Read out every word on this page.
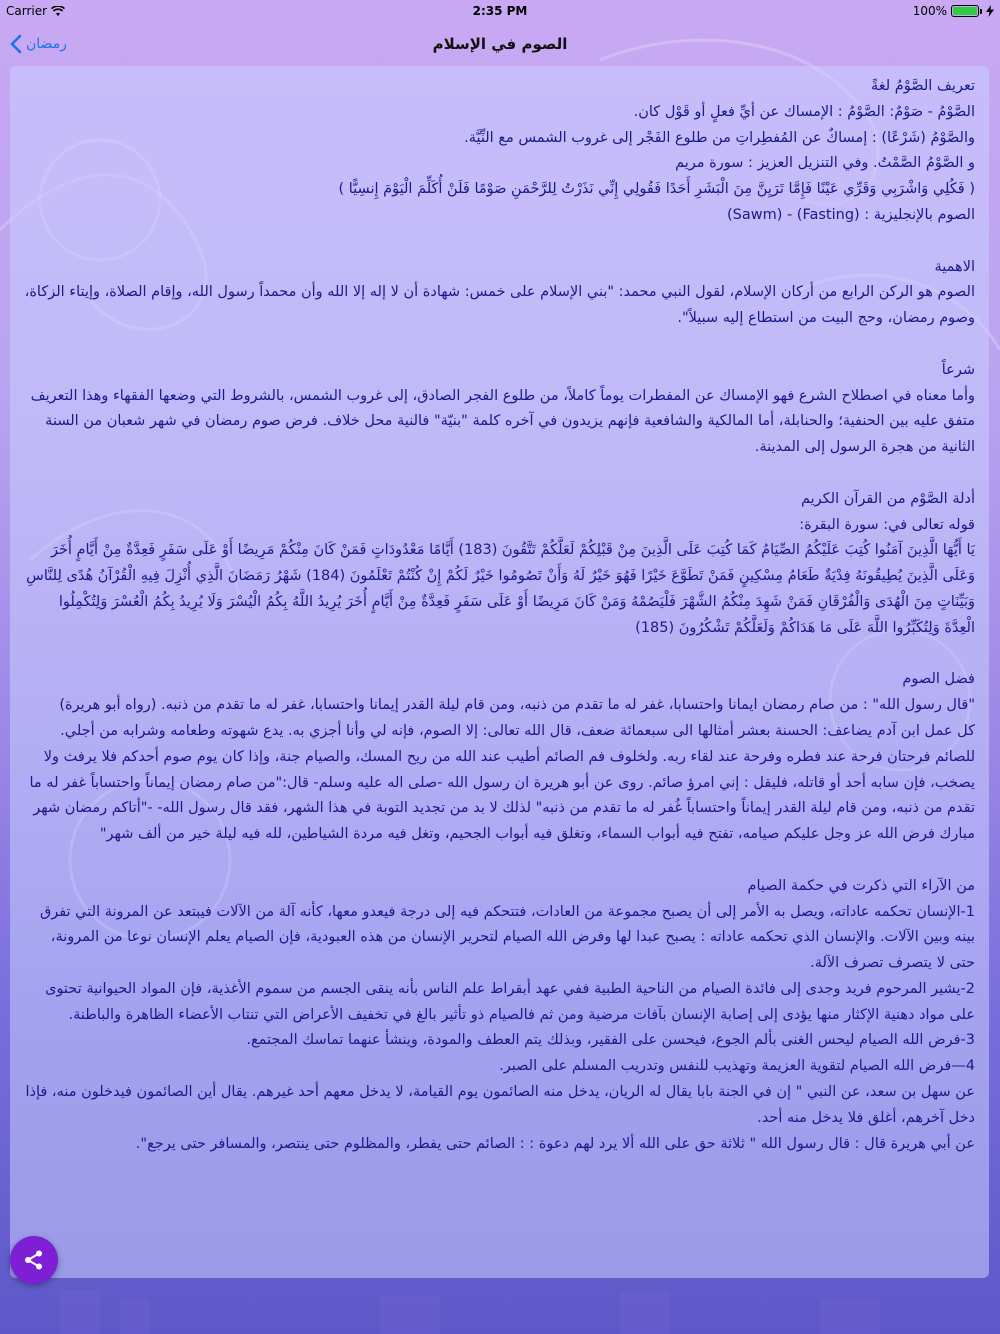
Carrier	2:35 PM	100%
رمضان	الصوم في الإسلام

تعريف الصَّوْمُ لغةً

الصَّوْمُ - صَوْمٌ: الصَّوْمُ : الإمساك عن أيِّ فعلٍ أو قَوْل كان.

والصَّوْمُ (شَرْعًا) : إمساكٌ عن المُفطِراتِ من طلوع الفَجْر إلى غروب الشمس مع النِّيَّة.

و الصَّوْمُ الصَّمْتُ. وفي التنزيل العزيز : سورة مريم

( فَكُلِي وَاشْرَبِي وَقَرِّي عَيْنًا فَإِمَّا تَرَيِنَّ مِنَ الْبَشَرِ أَحَدًا فَقُولِي إِنِّي نَذَرْتُ لِلرَّحْمَنِ صَوْمًا فَلَنْ أُكَلِّمَ الْيَوْمَ إِنسِيًّا )

الصوم بالإنجليزية : (Fasting) - (Sawm)

الاهمية

الصوم هو الركن الرابع من أركان الإسلام، لقول النبي محمد: "بني الإسلام على خمس: شهادة أن لا إله إلا الله وأن محمداً رسول الله، وإقام الصلاة، وإيتاء الزكاة، وصوم رمضان، وحج البيت من استطاع إليه سبيلاً".

شرعاً

وأما معناه في اصطلاح الشرع فهو الإمساك عن المفطرات يوماً كاملاً، من طلوع الفجر الصادق، إلى غروب الشمس، بالشروط التي وضعها الفقهاء وهذا التعريف متفق عليه بين الحنفية؛ والحنابلة، أما المالكية والشافعية فإنهم يزيدون في آخره كلمة "بنيّة" فالنية محل خلاف. فرض صوم رمضان في شهر شعبان من السنة الثانية من هجرة الرسول إلى المدينة.

أدلة الصَّوْم من القرآن الكريم

قوله تعالى في: سورة البقرة:

يَا أَيُّهَا الَّذِينَ آمَنُوا كُتِبَ عَلَيْكُمُ الصِّيَامُ كَمَا كُتِبَ عَلَى الَّذِينَ مِنْ قَبْلِكُمْ لَعَلَّكُمْ تَتَّقُونَ (183) أَيَّامًا مَعْدُودَاتٍ فَمَنْ كَانَ مِنْكُمْ مَرِيضًا أَوْ عَلَى سَفَرٍ فَعِدَّةٌ مِنْ أَيَّامٍ أُخَرَ وَعَلَى الَّذِينَ يُطِيقُونَهُ فِدْيَةٌ طَعَامُ مِسْكِينٍ فَمَنْ تَطَوَّعَ خَيْرًا فَهُوَ خَيْرٌ لَهُ وَأَنْ تَصُومُوا خَيْرٌ لَكُمْ إِنْ كُنْتُمْ تَعْلَمُونَ (184) شَهْرُ رَمَضَانَ الَّذِي أُنْزِلَ فِيهِ الْقُرْآنُ هُدًى لِلنَّاسِ وَبَيِّنَاتٍ مِنَ الْهُدَى وَالْفُرْقَانِ فَمَنْ شَهِدَ مِنْكُمُ الشَّهْرَ فَلْيَصُمْهُ وَمَنْ كَانَ مَرِيضًا أَوْ عَلَى سَفَرٍ فَعِدَّةٌ مِنْ أَيَّامٍ أُخَرَ يُرِيدُ اللَّهُ بِكُمُ الْيُسْرَ وَلَا يُرِيدُ بِكُمُ الْعُسْرَ وَلِتُكْمِلُوا الْعِدَّةَ وَلِتُكَبِّرُوا اللَّهَ عَلَى مَا هَدَاكُمْ وَلَعَلَّكُمْ تَشْكُرُونَ (185)

فضل الصوم

"قال رسول الله" : من صام رمضان ايمانا واحتسابا، غفر له ما تقدم من ذنبه، ومن قام ليلة القدر إيمانا واحتسابا، غفر له ما تقدم من ذنبه. (رواه أبو هريرة)

كل عمل ابن آدم يضاعف: الحسنة بعشر أمثالها الى سبعمائة ضعف، قال الله تعالى: إلا الصوم، فإنه لي وأنا أجزي به. يدع شهوته وطعامه وشرابه من أجلي. للصائم فرحتان فرحة عند فطره وفرحة عند لقاء ربه. ولخلوف فم الصائم أطيب عند الله من ريح المسك، والصيام جنة، وإذا كان يوم صوم أحدكم فلا يرفث ولا يصخب، فإن سابه أحد أو قاتله، فليقل : إني امرؤ صائم. روى عن أبو هريرة ان رسول الله -صلى اله عليه وسلم- قال:"من صام رمضان إيماناً واحتساباً غفر له ما تقدم من ذنبه، ومن قام ليلة القدر إيماناً واحتساباً غُفر له ما تقدم من ذنبه" لذلك لا بد من تجديد التوبة في هذا الشهر، فقد قال رسول الله- -"أتاكم رمضان شهر مبارك فرض الله عز وجل عليكم صيامه، تفتح فيه أبواب السماء، وتغلق فيه أبواب الجحيم، وتغل فيه مردة الشياطين، لله فيه ليلة خير من ألف شهر"

من الآراء التي ذكرت في حكمة الصيام

1-الإنسان تحكمه عاداته، ويصل به الأمر إلى أن يصبح مجموعة من العادات، فتتحكم فيه إلى درجة فيعدو معها، كأنه آلة من الآلات فيبتعد عن المرونة التي تفرق بينه وبين الآلات. والإنسان الذي تحكمه عاداته : يصبح عبدا لها وفرض الله الصيام لتحرير الإنسان من هذه العبودية، فإن الصيام يعلم الإنسان نوعا من المرونة، حتى لا يتصرف تصرف الآلة.

2-يشير المرحوم فريد وجدى إلى فائدة الصيام من الناحية الطبية ففي عهد أبقراط علم الناس بأنه ينقى الجسم من سموم الأغذية، فإن المواد الحيوانية تحتوى على مواد دهنية الإكثار منها يؤدى إلى إصابة الإنسان بآفات مرضية ومن ثم فالصيام ذو تأثير بالغ في تخفيف الأعراض التي تنتاب الأعضاء الظاهرة والباطنة.

3-فرض الله الصيام ليحس الغنى بألم الجوع، فيحسن على الفقير، وبذلك يتم العطف والمودة، وينشأ عنهما تماسك المجتمع.

4—فرض الله الصيام لتقوية العزيمة وتهذيب للنفس وتدريب المسلم على الصبر.

عن سهل بن سعد، عن النبي " إن في الجنة بابا يقال له الريان، يدخل منه الصائمون يوم القيامة، لا يدخل معهم أحد غيرهم. يقال أين الصائمون فيدخلون منه، فإذا دخل آخرهم، أغلق فلا يدخل منه أحد.

عن أبي هريرة قال : قال رسول الله " ثلاثة حق على الله ألا يرد لهم دعوة : : الصائم حتى يفطر، والمظلوم حتى ينتصر، والمسافر حتى يرجع".
